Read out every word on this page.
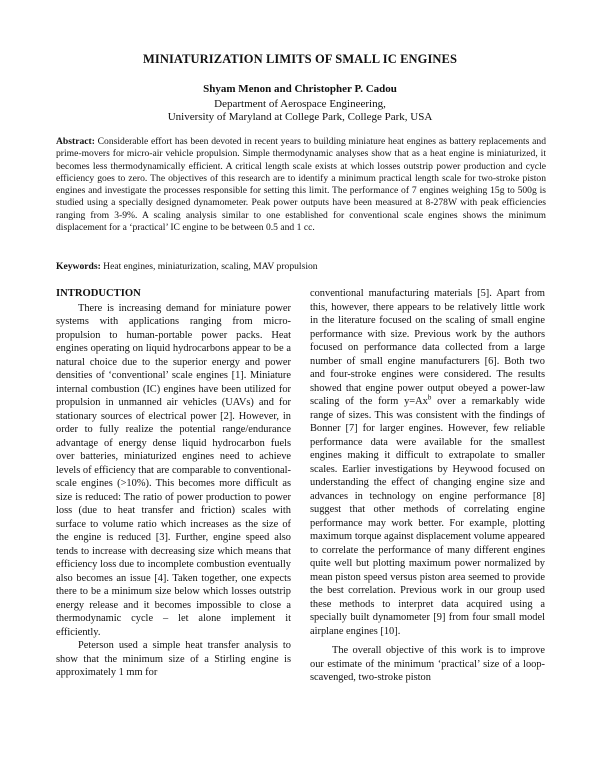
MINIATURIZATION LIMITS OF SMALL IC ENGINES
Shyam Menon and Christopher P. Cadou
Department of Aerospace Engineering,
University of Maryland at College Park, College Park, USA

Abstract: Considerable effort has been devoted in recent years to building miniature heat engines as battery replacements and prime-movers for micro-air vehicle propulsion. Simple thermodynamic analyses show that as a heat engine is miniaturized, it becomes less thermodynamically efficient. A critical length scale exists at which losses outstrip power production and cycle efficiency goes to zero. The objectives of this research are to identify a minimum practical length scale for two-stroke piston engines and investigate the processes responsible for setting this limit. The performance of 7 engines weighing 15g to 500g is studied using a specially designed dynamometer. Peak power outputs have been measured at 8-278W with peak efficiencies ranging from 3-9%. A scaling analysis similar to one established for conventional scale engines shows the minimum displacement for a ‘practical’ IC engine to be between 0.5 and 1 cc.

Keywords: Heat engines, miniaturization, scaling, MAV propulsion

INTRODUCTION

There is increasing demand for miniature power systems with applications ranging from micro-propulsion to human-portable power packs. Heat engines operating on liquid hydrocarbons appear to be a natural choice due to the superior energy and power densities of ‘conventional’ scale engines [1]. Miniature internal combustion (IC) engines have been utilized for propulsion in unmanned air vehicles (UAVs) and for stationary sources of electrical power [2]. However, in order to fully realize the potential range/endurance advantage of energy dense liquid hydrocarbon fuels over batteries, miniaturized engines need to achieve levels of efficiency that are comparable to conventional-scale engines (>10%). This becomes more difficult as size is reduced: The ratio of power production to power loss (due to heat transfer and friction) scales with surface to volume ratio which increases as the size of the engine is reduced [3]. Further, engine speed also tends to increase with decreasing size which means that efficiency loss due to incomplete combustion eventually also becomes an issue [4]. Taken together, one expects there to be a minimum size below which losses outstrip energy release and it becomes impossible to close a thermodynamic cycle – let alone implement it efficiently.

Peterson used a simple heat transfer analysis to show that the minimum size of a Stirling engine is approximately 1 mm for

conventional manufacturing materials [5]. Apart from this, however, there appears to be relatively little work in the literature focused on the scaling of small engine performance with size. Previous work by the authors focused on performance data collected from a large number of small engine manufacturers [6]. Both two and four-stroke engines were considered. The results showed that engine power output obeyed a power-law scaling of the form $y=Ax^b$ over a remarkably wide range of sizes. This was consistent with the findings of Bonner [7] for larger engines. However, few reliable performance data were available for the smallest engines making it difficult to extrapolate to smaller scales. Earlier investigations by Heywood focused on understanding the effect of changing engine size and advances in technology on engine performance [8] suggest that other methods of correlating engine performance may work better. For example, plotting maximum torque against displacement volume appeared to correlate the performance of many different engines quite well but plotting maximum power normalized by mean piston speed versus piston area seemed to provide the best correlation. Previous work in our group used these methods to interpret data acquired using a specially built dynamometer [9] from four small model airplane engines [10].

The overall objective of this work is to improve our estimate of the minimum ‘practical’ size of a loop-scavenged, two-stroke piston
